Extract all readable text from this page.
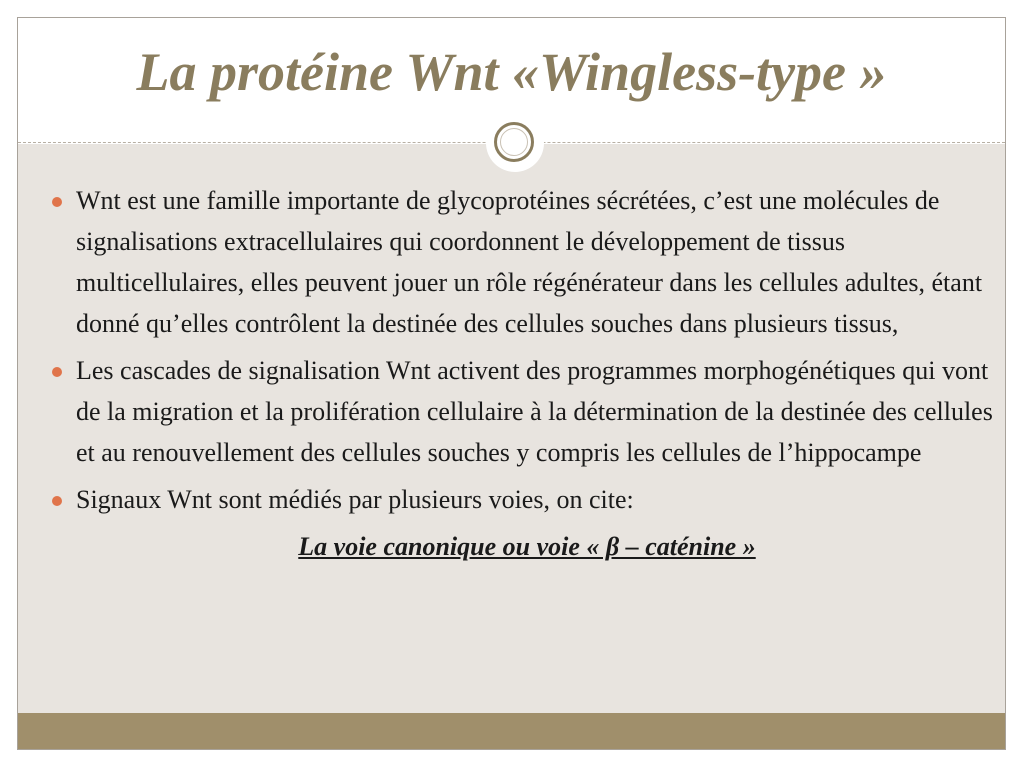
La protéine Wnt «Wingless-type »
Wnt est une famille importante de glycoprotéines sécrétées, c’est une molécules de signalisations extracellulaires qui coordonnent le développement de tissus multicellulaires, elles peuvent jouer un rôle régénérateur dans les cellules adultes, étant donné qu’elles contrôlent la destinée des cellules souches dans plusieurs tissus,
Les cascades de signalisation Wnt activent des programmes morphogénétiques qui vont de la migration et la prolifération cellulaire à la détermination de la destinée des cellules et au renouvellement des cellules souches y compris les cellules de l’hippocampe
Signaux Wnt sont médiés par plusieurs voies, on cite:
La voie canonique ou voie « β – caténine »
